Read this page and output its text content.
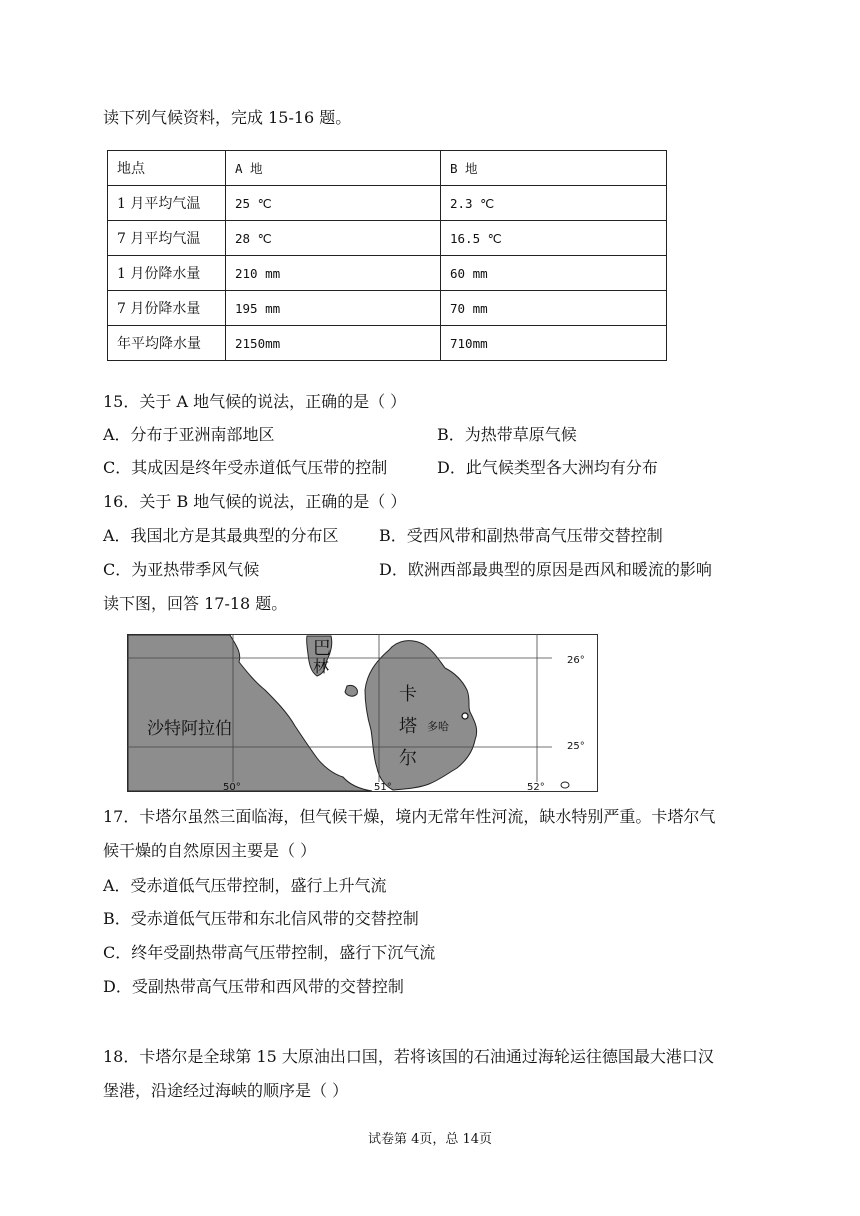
读下列气候资料，完成 15-16 题。
地点	A 地	B 地
1 月平均气温	25 ℃	2.3 ℃
7 月平均气温	28 ℃	16.5 ℃
1 月份降水量	210 mm	60 mm
7 月份降水量	195 mm	70 mm
年平均降水量	2150mm	710mm
15．关于 A 地气候的说法，正确的是（ ）
A．分布于亚洲南部地区	B．为热带草原气候
C．其成因是终年受赤道低气压带的控制	D．此气候类型各大洲均有分布
16．关于 B 地气候的说法，正确的是（ ）
A．我国北方是其最典型的分布区	B．受西风带和副热带高气压带交替控制
C．为亚热带季风气候	D．欧洲西部最典型的原因是西风和暖流的影响
读下图，回答 17-18 题。
巴
林
沙特阿拉伯
卡
塔
尔
多哈
26°
25°
50°	51°	52°
17．卡塔尔虽然三面临海，但气候干燥，境内无常年性河流，缺水特别严重。卡塔尔气
候干燥的自然原因主要是（ ）
A．受赤道低气压带控制，盛行上升气流
B．受赤道低气压带和东北信风带的交替控制
C．终年受副热带高气压带控制，盛行下沉气流
D．受副热带高气压带和西风带的交替控制
18．卡塔尔是全球第 15 大原油出口国，若将该国的石油通过海轮运往德国最大港口汉
堡港，沿途经过海峡的顺序是（ ）
试卷第 4页，总 14页
